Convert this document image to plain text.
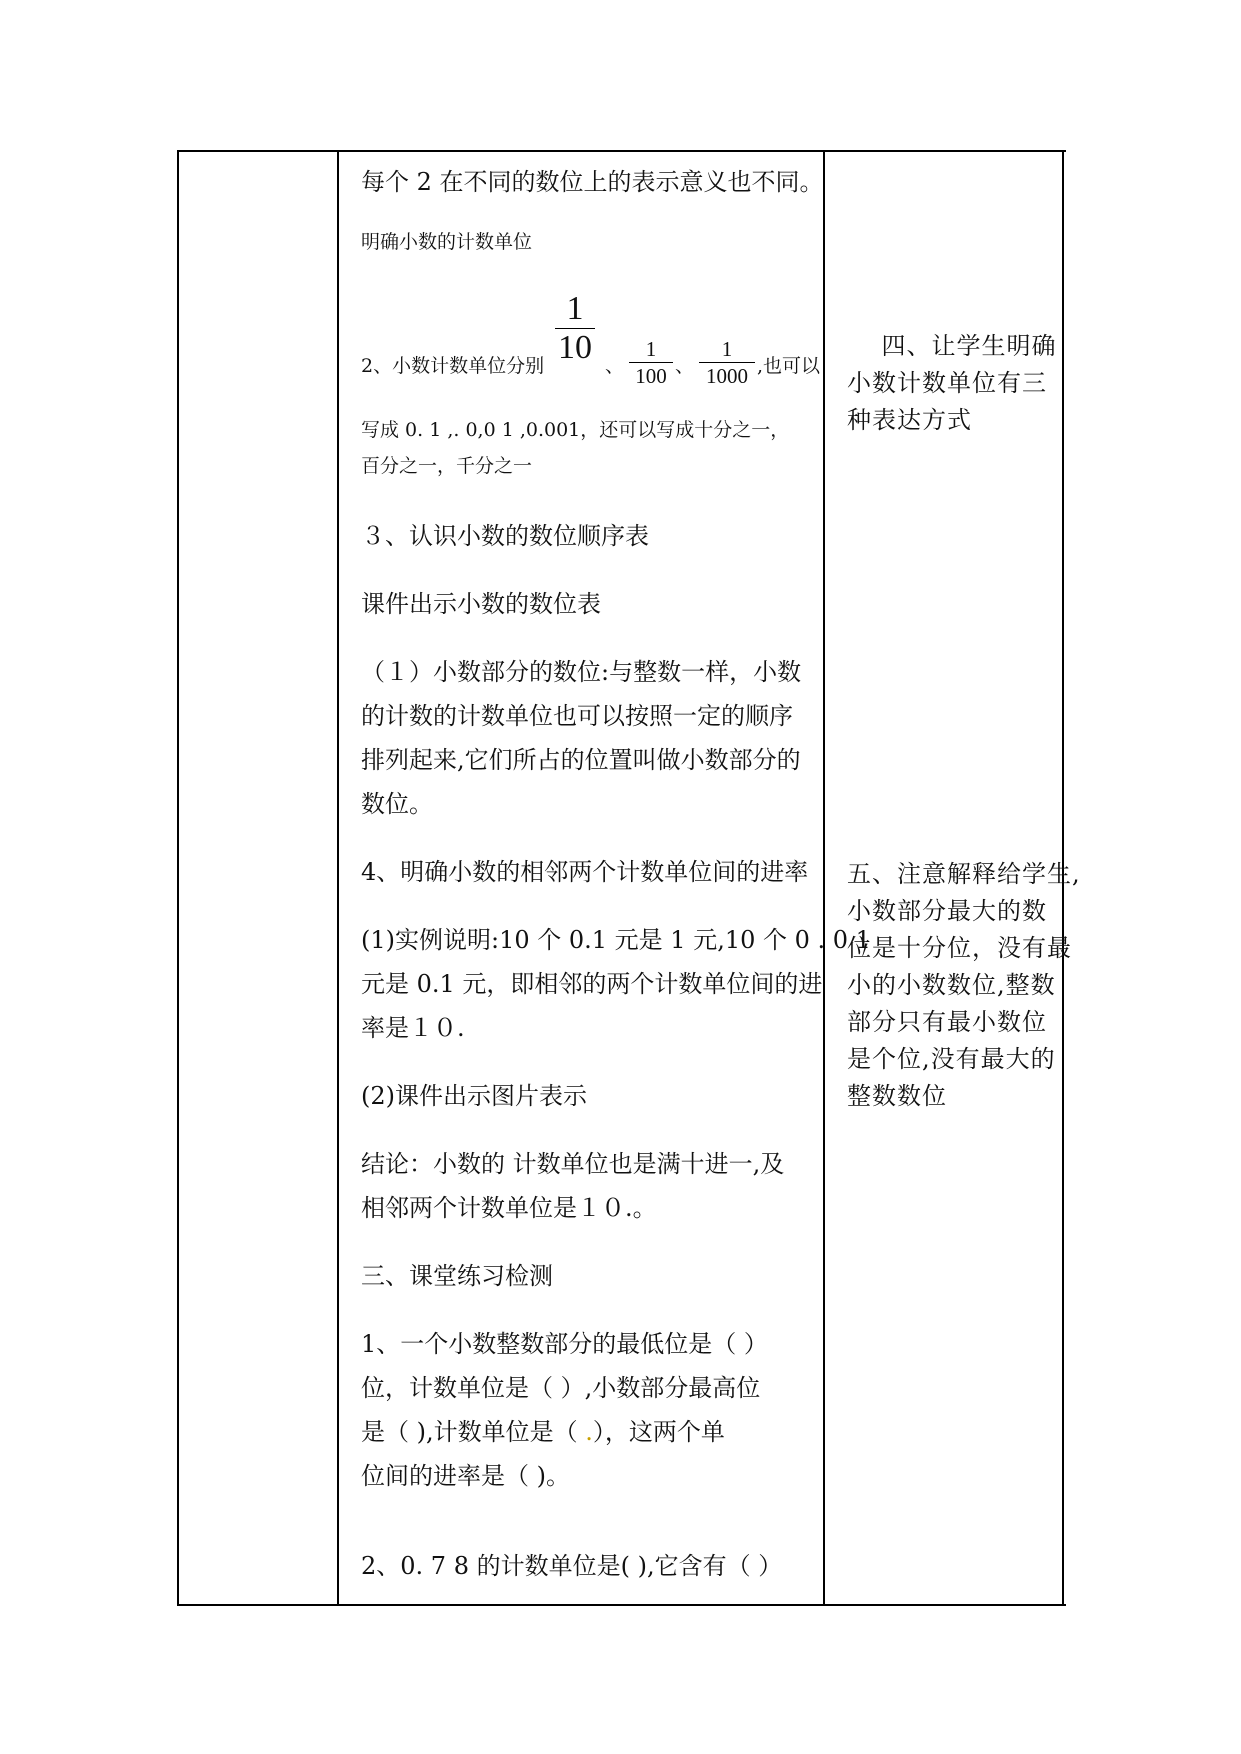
每个 2 在不同的数位上的表示意义也不同。
明确小数的计数单位
2、小数计数单位分别
1
10 、
1
100 、
1
1000 ,也可以
写成 0. 1 ,. 0,0 1 ,0.001，还可以写成十分之一，
百分之一，千分之一
３、认识小数的数位顺序表
课件出示小数的数位表
（１）小数部分的数位:与整数一样，小数
的计数的计数单位也可以按照一定的顺序
排列起来,它们所占的位置叫做小数部分的
数位。
4、明确小数的相邻两个计数单位间的进率
(1)实例说明:10 个 0.1 元是 1 元,10 个 0 . 0 1
元是 0.1 元，即相邻的两个计数单位间的进
率是１０.
(2)课件出示图片表示
结论：小数的 计数单位也是满十进一,及
相邻两个计数单位是１０.。
三、课堂练习检测
1、一个小数整数部分的最低位是（ ）
位，计数单位是（ ）,小数部分最高位
是（ ),计数单位是（ .），这两个单
位间的进率是（ )。
2、0. 7 8 的计数单位是( ),它含有（ ）
四、让学生明确
小数计数单位有三
种表达方式
五、注意解释给学生,
小数部分最大的数
位是十分位，没有最
小的小数数位,整数
部分只有最小数位
是个位,没有最大的
整数数位
